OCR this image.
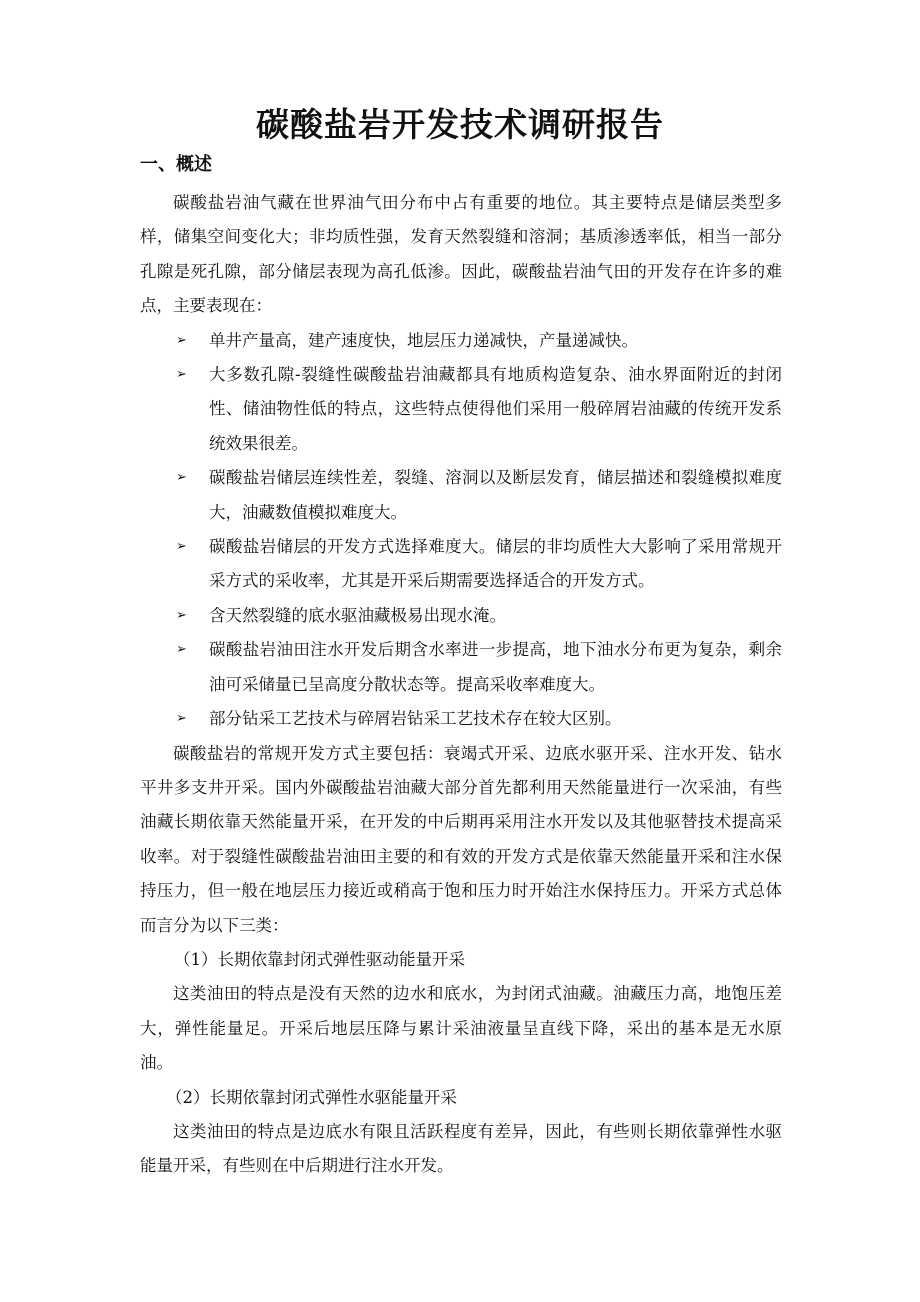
碳酸盐岩开发技术调研报告
一、概述

碳酸盐岩油气藏在世界油气田分布中占有重要的地位。其主要特点是储层类型多样，储集空间变化大；非均质性强，发育天然裂缝和溶洞；基质渗透率低，相当一部分孔隙是死孔隙，部分储层表现为高孔低渗。因此，碳酸盐岩油气田的开发存在许多的难点，主要表现在：

➢ 单井产量高，建产速度快，地层压力递减快，产量递减快。
➢ 大多数孔隙-裂缝性碳酸盐岩油藏都具有地质构造复杂、油水界面附近的封闭性、储油物性低的特点，这些特点使得他们采用一般碎屑岩油藏的传统开发系统效果很差。
➢ 碳酸盐岩储层连续性差，裂缝、溶洞以及断层发育，储层描述和裂缝模拟难度大，油藏数值模拟难度大。
➢ 碳酸盐岩储层的开发方式选择难度大。储层的非均质性大大影响了采用常规开采方式的采收率，尤其是开采后期需要选择适合的开发方式。
➢ 含天然裂缝的底水驱油藏极易出现水淹。
➢ 碳酸盐岩油田注水开发后期含水率进一步提高，地下油水分布更为复杂，剩余油可采储量已呈高度分散状态等。提高采收率难度大。
➢ 部分钻采工艺技术与碎屑岩钻采工艺技术存在较大区别。

碳酸盐岩的常规开发方式主要包括：衰竭式开采、边底水驱开采、注水开发、钻水平井多支井开采。国内外碳酸盐岩油藏大部分首先都利用天然能量进行一次采油，有些油藏长期依靠天然能量开采，在开发的中后期再采用注水开发以及其他驱替技术提高采收率。对于裂缝性碳酸盐岩油田主要的和有效的开发方式是依靠天然能量开采和注水保持压力，但一般在地层压力接近或稍高于饱和压力时开始注水保持压力。开采方式总体而言分为以下三类：

（1）长期依靠封闭式弹性驱动能量开采

这类油田的特点是没有天然的边水和底水，为封闭式油藏。油藏压力高，地饱压差大，弹性能量足。开采后地层压降与累计采油液量呈直线下降，采出的基本是无水原油。

（2）长期依靠封闭式弹性水驱能量开采

这类油田的特点是边底水有限且活跃程度有差异，因此，有些则长期依靠弹性水驱能量开采，有些则在中后期进行注水开发。
